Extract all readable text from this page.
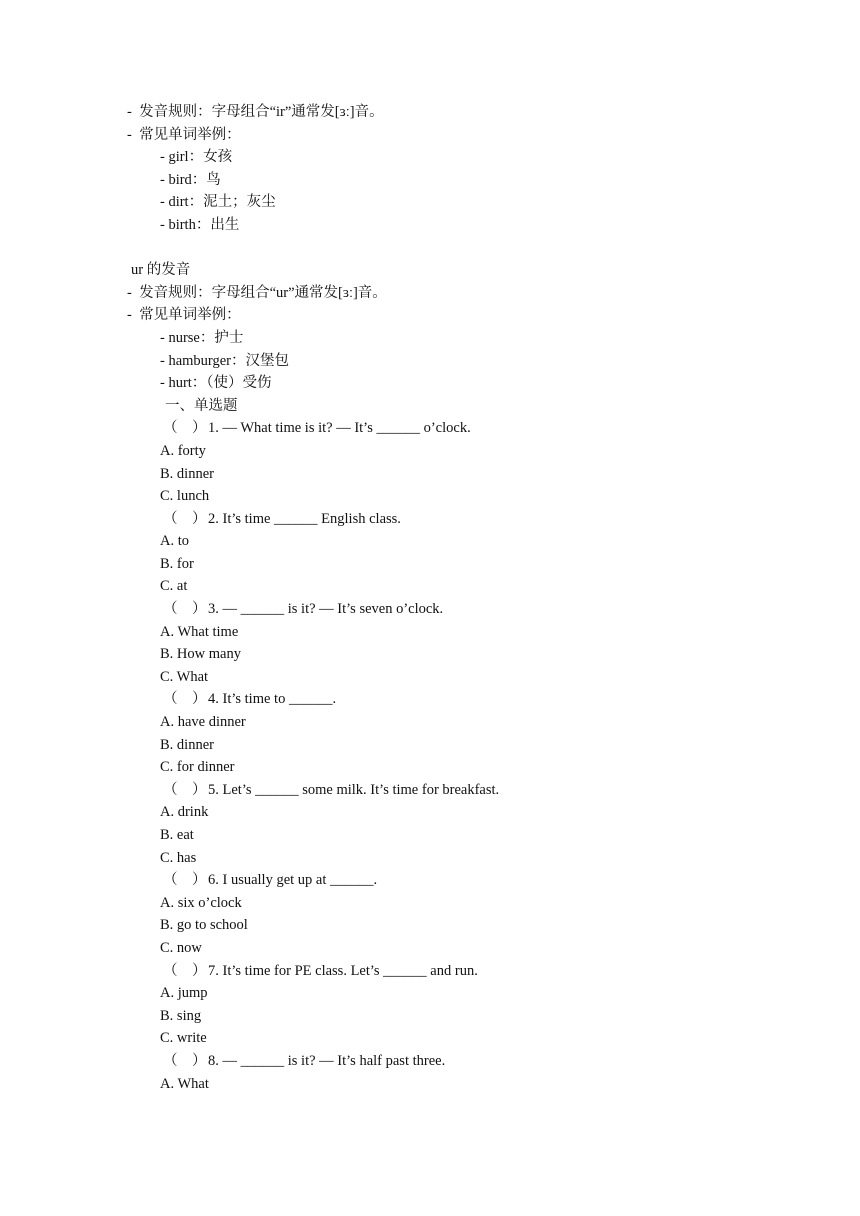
-  发音规则：字母组合“ir”通常发[ɜː]音。
-  常见单词举例：
- girl：女孩
- bird：鸟
- dirt：泥土；灰尘
- birth：出生
ur 的发音
-  发音规则：字母组合“ur”通常发[ɜː]音。
-  常见单词举例：
- nurse：护士
- hamburger：汉堡包
- hurt：（使）受伤
一、单选题
（    ） 1. — What time is it? — It’s ______ o’clock.
A. forty
B. dinner
C. lunch
（    ） 2. It’s time ______ English class.
A. to
B. for
C. at
（    ） 3. — ______ is it? — It’s seven o’clock.
A. What time
B. How many
C. What
（    ） 4. It’s time to ______.
A. have dinner
B. dinner
C. for dinner
（    ） 5. Let’s ______ some milk. It’s time for breakfast.
A. drink
B. eat
C. has
（    ） 6. I usually get up at ______.
A. six o’clock
B. go to school
C. now
（    ） 7. It’s time for PE class. Let’s ______ and run.
A. jump
B. sing
C. write
（    ） 8. — ______ is it? — It’s half past three.
A. What
